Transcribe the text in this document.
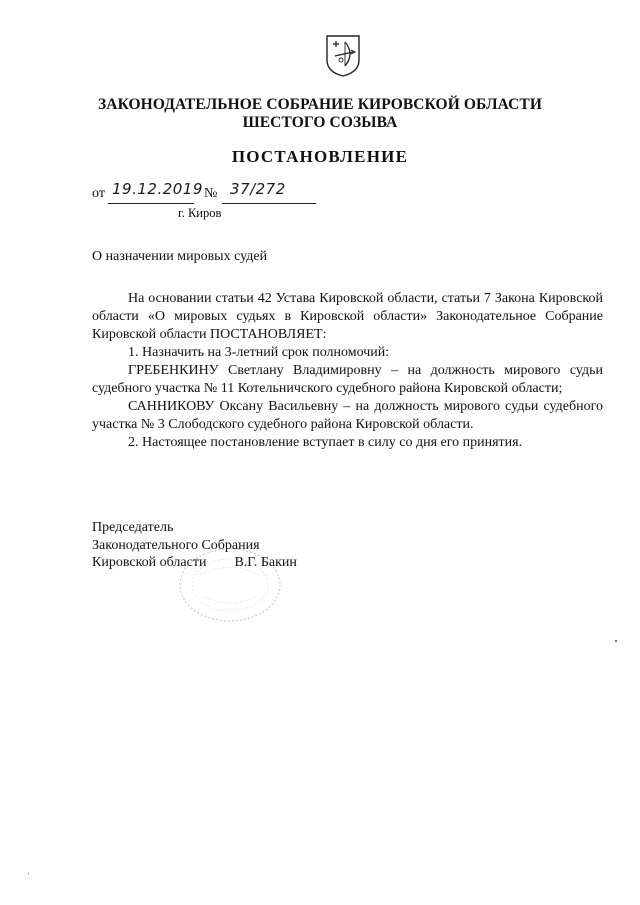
ЗАКОНОДАТЕЛЬНОЕ СОБРАНИЕ КИРОВСКОЙ ОБЛАСТИ
ШЕСТОГО СОЗЫВА
ПОСТАНОВЛЕНИЕ
от 19.12.2019 № 37/272
г. Киров
О назначении мировых судей

На основании статьи 42 Устава Кировской области, статьи 7 Закона Кировской области «О мировых судьях в Кировской области» Законодательное Собрание Кировской области ПОСТАНОВЛЯЕТ:

1. Назначить на 3-летний срок полномочий:

ГРЕБЕНКИНУ Светлану Владимировну – на должность мирового судьи судебного участка № 11 Котельничского судебного района Кировской области;

САННИКОВУ Оксану Васильевну – на должность мирового судьи судебного участка № 3 Слободского судебного района Кировской области.

2. Настоящее постановление вступает в силу со дня его принятия.

Председатель
Законодательного Собрания
Кировской области В.Г. Бакин
